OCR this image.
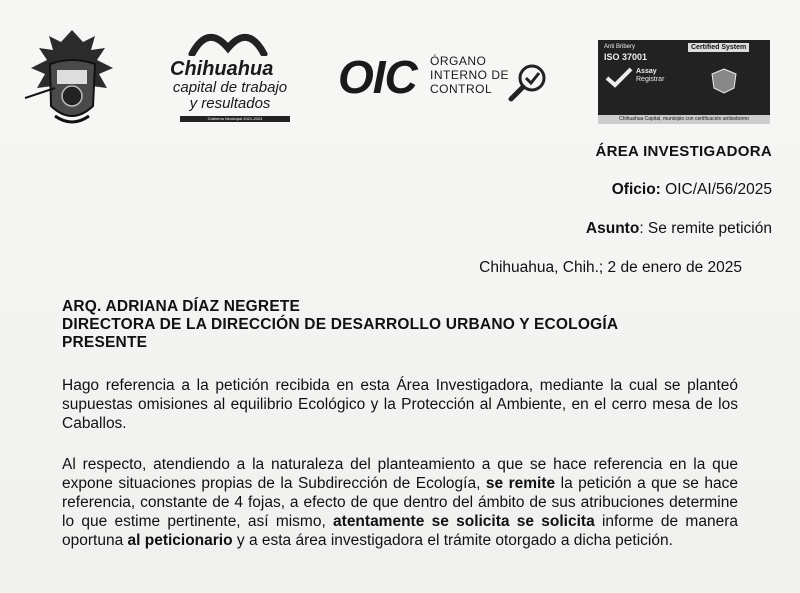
Chihuahua
capital de trabajo
y resultados
Gobierno Municipal 2021-2024
OIC ÓRGANO
INTERNO DE
CONTROL
Anti Bribery
ISO 37001
Certified System
Assay
Registrar
Chihuahua Capital, municipio con certificación antisoborno
ÁREA INVESTIGADORA
Oficio: OIC/AI/56/2025
Asunto: Se remite petición
Chihuahua, Chih.; 2 de enero de 2025
ARQ. ADRIANA DÍAZ NEGRETE
DIRECTORA DE LA DIRECCIÓN DE DESARROLLO URBANO Y ECOLOGÍA
PRESENTE
Hago referencia a la petición recibida en esta Área Investigadora, mediante la cual se planteó supuestas omisiones al equilibrio Ecológico y la Protección al Ambiente, en el cerro mesa de los Caballos.
Al respecto, atendiendo a la naturaleza del planteamiento a que se hace referencia en la que expone situaciones propias de la Subdirección de Ecología, se remite la petición a que se hace referencia, constante de 4 fojas, a efecto de que dentro del ámbito de sus atribuciones determine lo que estime pertinente, así mismo, atentamente se solicita se solicita informe de manera oportuna al peticionario y a esta área investigadora el trámite otorgado a dicha petición.
